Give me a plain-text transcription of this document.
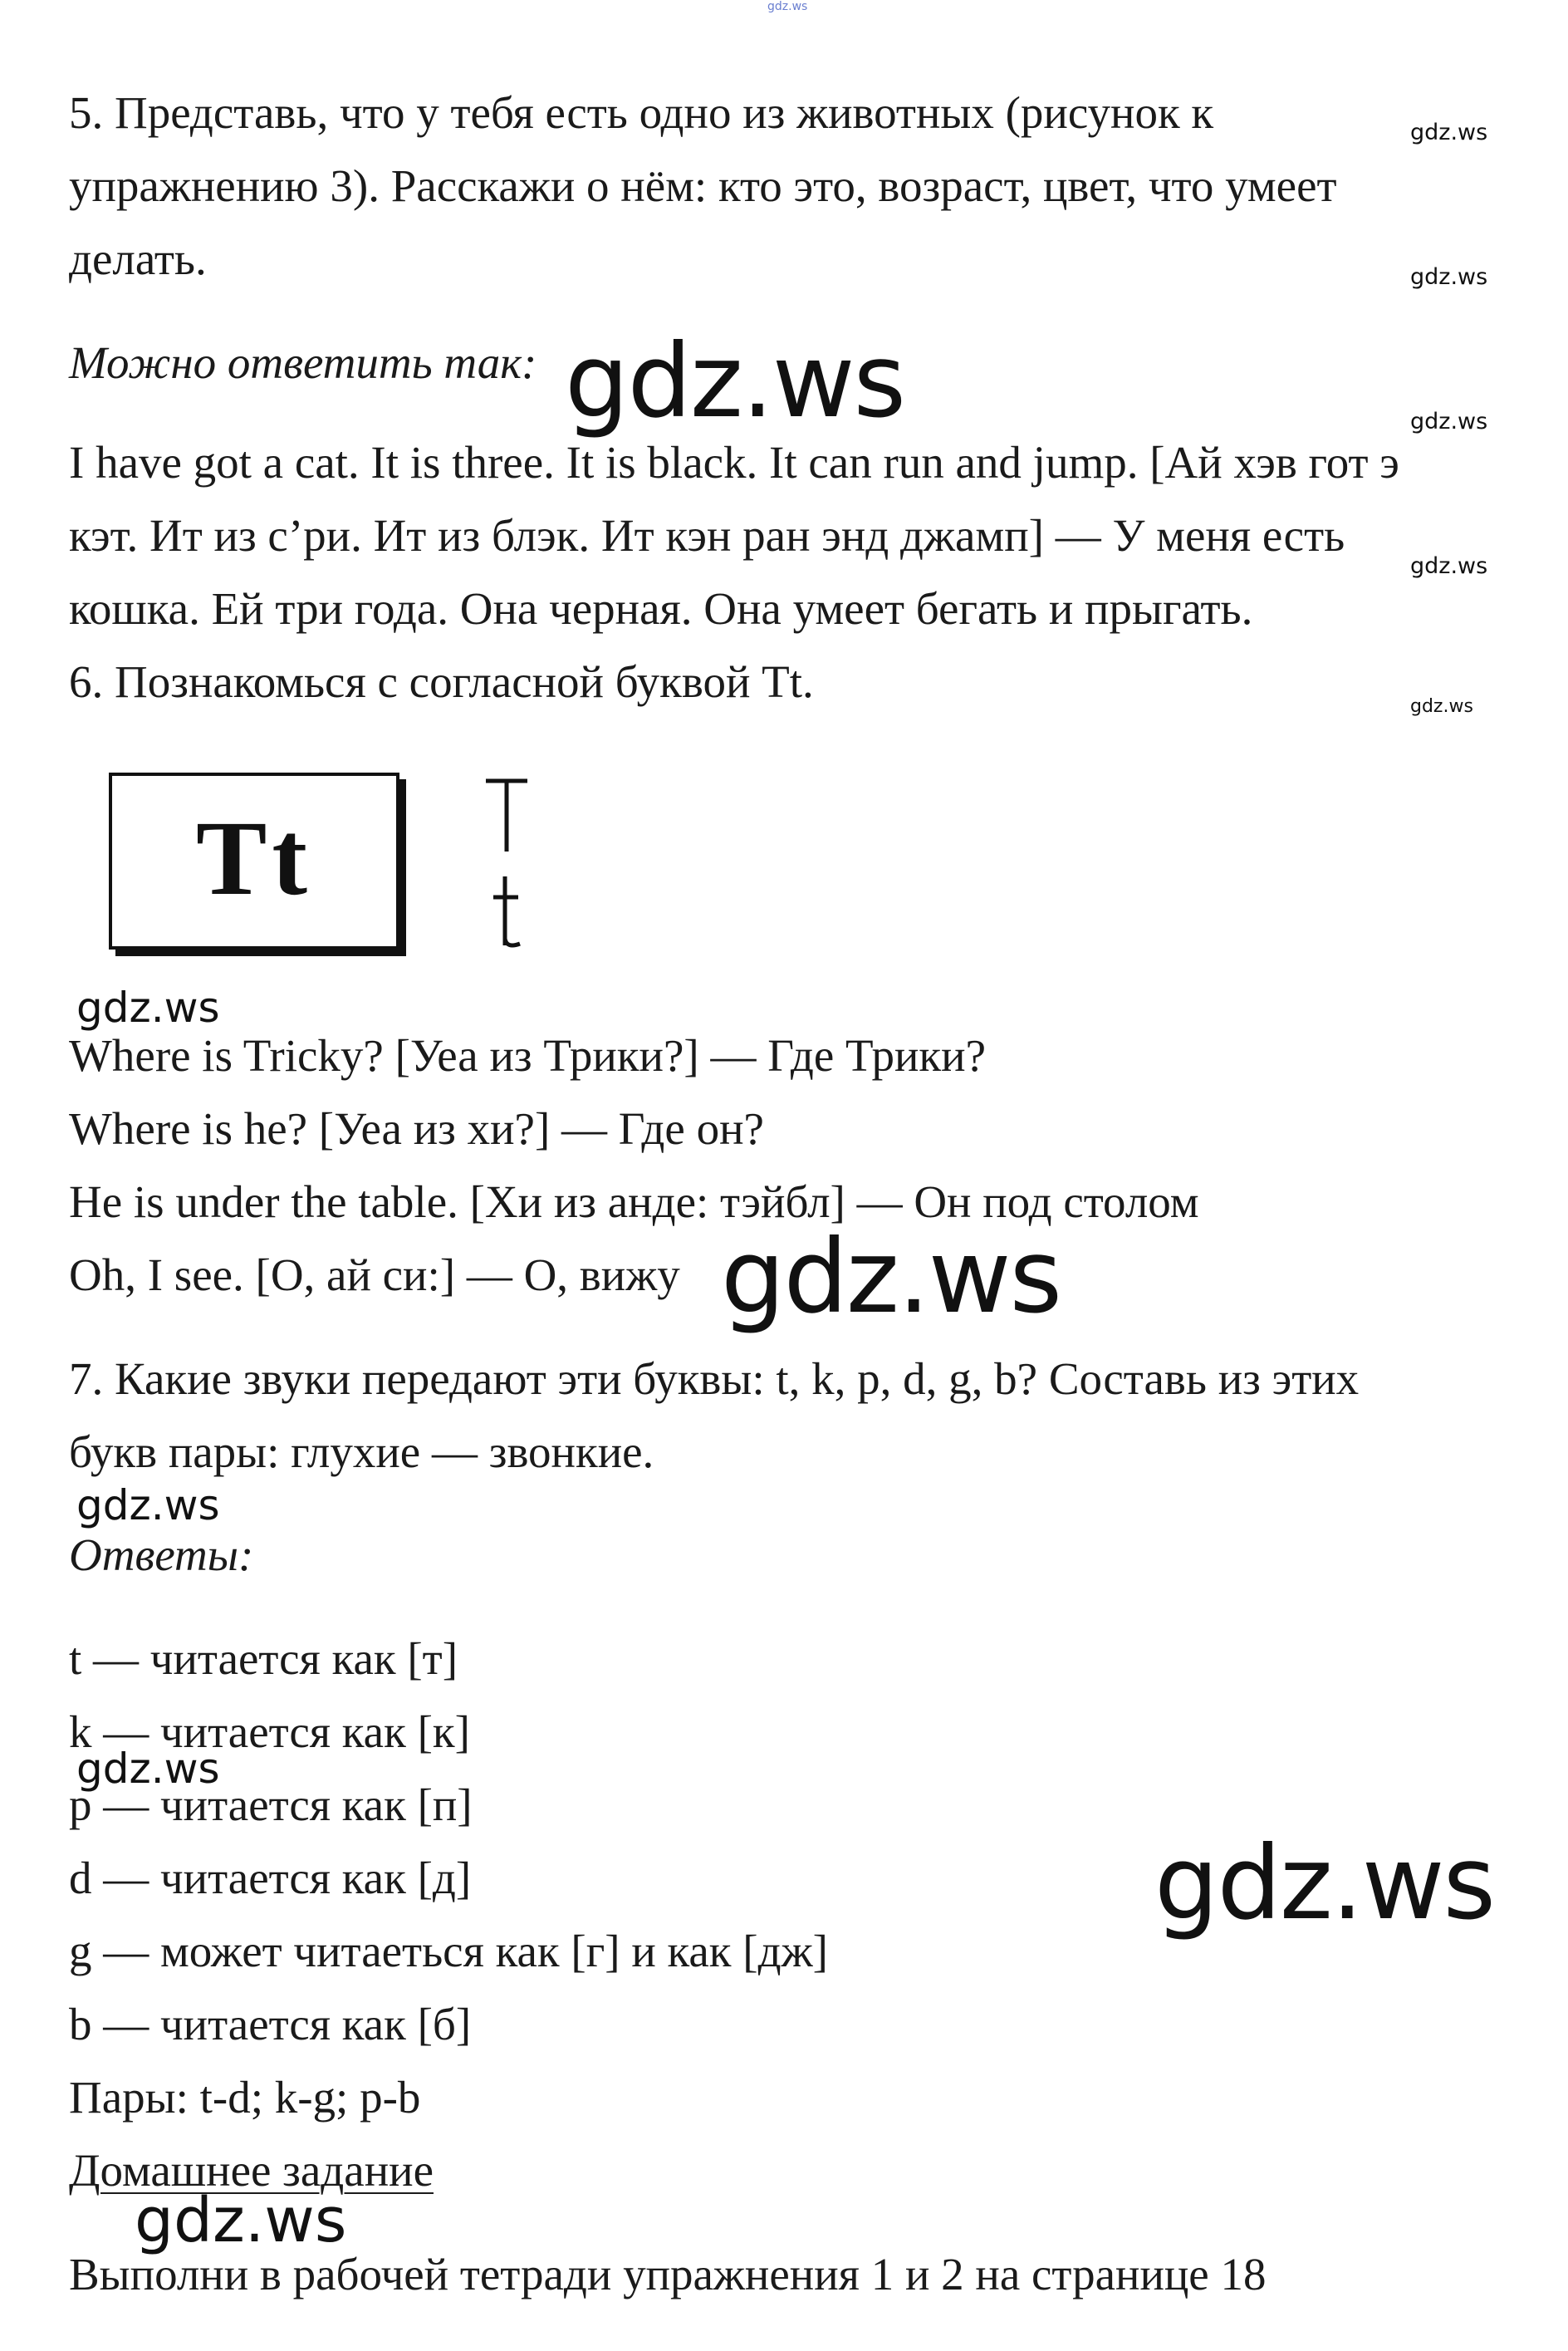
gdz.ws
5. Представь, что у тебя есть одно из животных (рисунок к
упражнению 3). Расскажи о нём: кто это, возраст, цвет, что умеет
делать.
Можно ответить так:
I have got a cat. It is three. It is black. It can run and jump. [Ай хэв гот э
кэт. Ит из с’ри. Ит из блэк. Ит кэн ран энд джамп] — У меня есть
кошка. Ей три года. Она черная. Она умеет бегать и прыгать.
6. Познакомься с согласной буквой Tt.
Tt
Where is Tricky? [Уеа из Трики?] — Где Трики?
Where is he? [Уеа из хи?] — Где он?
He is under the table. [Хи из анде: тэйбл] — Он под столом
Oh, I see. [О, ай си:] — О, вижу
7. Какие звуки передают эти буквы: t, k, p, d, g, b? Составь из этих
букв пары: глухие — звонкие.
Ответы:
t — читается как [т]
k — читается как [к]
p — читается как [п]
d — читается как [д]
g — может читаеться как [г] и как [дж]
b — читается как [б]
Пары: t-d; k-g; p-b
Домашнее задание
Выполни в рабочей тетради упражнения 1 и 2 на странице 18
gdz.ws
gdz.ws
gdz.ws
gdz.ws
gdz.ws
gdz.ws
gdz.ws
gdz.ws
gdz.ws
gdz.ws
gdz.ws
gdz.ws
